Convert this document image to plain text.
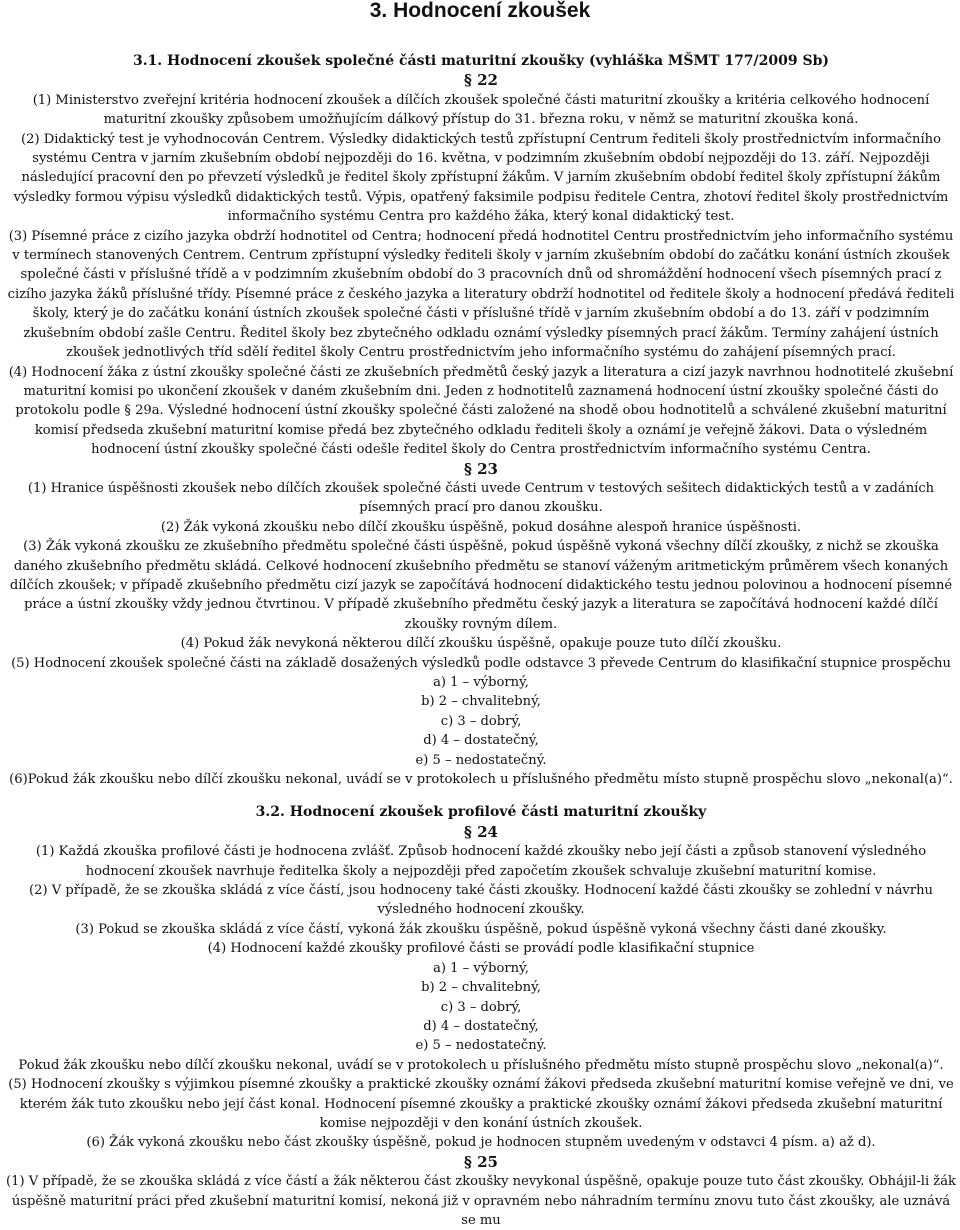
3. Hodnocení zkoušek
3.1. Hodnocení zkoušek společné části maturitní zkoušky (vyhláška MŠMT 177/2009 Sb)
§ 22

(1) Ministerstvo zveřejní kritéria hodnocení zkoušek a dílčích zkoušek společné části maturitní zkoušky a kritéria celkového hodnocení maturitní zkoušky způsobem umožňujícím dálkový přístup do 31. března roku, v němž se maturitní zkouška koná.

(2) Didaktický test je vyhodnocován Centrem. Výsledky didaktických testů zpřístupní Centrum řediteli školy prostřednictvím informačního systému Centra v jarním zkušebním období nejpozději do 16. května, v podzimním zkušebním období nejpozději do 13. září. Nejpozději následující pracovní den po převzetí výsledků je ředitel školy zpřístupní žákům. V jarním zkušebním období ředitel školy zpřístupní žákům výsledky formou výpisu výsledků didaktických testů. Výpis, opatřený faksimile podpisu ředitele Centra, zhotoví ředitel školy prostřednictvím informačního systému Centra pro každého žáka, který konal didaktický test.

(3) Písemné práce z cizího jazyka obdrží hodnotitel od Centra; hodnocení předá hodnotitel Centru prostřednictvím jeho informačního systému v termínech stanovených Centrem. Centrum zpřístupní výsledky řediteli školy v jarním zkušebním období do začátku konání ústních zkoušek společné části v příslušné třídě a v podzimním zkušebním období do 3 pracovních dnů od shromáždění hodnocení všech písemných prací z cizího jazyka žáků příslušné třídy. Písemné práce z českého jazyka a literatury obdrží hodnotitel od ředitele školy a hodnocení předává řediteli školy, který je do začátku konání ústních zkoušek společné části v příslušné třídě v jarním zkušebním období a do 13. září v podzimním zkušebním období zašle Centru. Ředitel školy bez zbytečného odkladu oznámí výsledky písemných prací žákům. Termíny zahájení ústních zkoušek jednotlivých tříd sdělí ředitel školy Centru prostřednictvím jeho informačního systému do zahájení písemných prací.

(4) Hodnocení žáka z ústní zkoušky společné části ze zkušebních předmětů český jazyk a literatura a cizí jazyk navrhnou hodnotitelé zkušební maturitní komisi po ukončení zkoušek v daném zkušebním dni. Jeden z hodnotitelů zaznamená hodnocení ústní zkoušky společné části do protokolu podle § 29a. Výsledné hodnocení ústní zkoušky společné části založené na shodě obou hodnotitelů a schválené zkušební maturitní komisí předseda zkušební maturitní komise předá bez zbytečného odkladu řediteli školy a oznámí je veřejně žákovi. Data o výsledném hodnocení ústní zkoušky společné části odešle ředitel školy do Centra prostřednictvím informačního systému Centra.

§ 23

(1) Hranice úspěšnosti zkoušek nebo dílčích zkoušek společné části uvede Centrum v testových sešitech didaktických testů a v zadáních písemných prací pro danou zkoušku.

(2) Žák vykoná zkoušku nebo dílčí zkoušku úspěšně, pokud dosáhne alespoň hranice úspěšnosti.

(3) Žák vykoná zkoušku ze zkušebního předmětu společné části úspěšně, pokud úspěšně vykoná všechny dílčí zkoušky, z nichž se zkouška daného zkušebního předmětu skládá. Celkové hodnocení zkušebního předmětu se stanoví váženým aritmetickým průměrem všech konaných dílčích zkoušek; v případě zkušebního předmětu cizí jazyk se započítává hodnocení didaktického testu jednou polovinou a hodnocení písemné práce a ústní zkoušky vždy jednou čtvrtinou. V případě zkušebního předmětu český jazyk a literatura se započítává hodnocení každé dílčí zkoušky rovným dílem.

(4) Pokud žák nevykoná některou dílčí zkoušku úspěšně, opakuje pouze tuto dílčí zkoušku.

(5) Hodnocení zkoušek společné části na základě dosažených výsledků podle odstavce 3 převede Centrum do klasifikační stupnice prospěchu

a) 1 – výborný,
b) 2 – chvalitebný,
c) 3 – dobrý,
d) 4 – dostatečný,
e) 5 – nedostatečný.

(6)Pokud žák zkoušku nebo dílčí zkoušku nekonal, uvádí se v protokolech u příslušného předmětu místo stupně prospěchu slovo „nekonal(a)“.

3.2. Hodnocení zkoušek profilové části maturitní zkoušky
§ 24

(1) Každá zkouška profilové části je hodnocena zvlášť. Způsob hodnocení každé zkoušky nebo její části a způsob stanovení výsledného hodnocení zkoušek navrhuje ředitelka školy a nejpozději před započetím zkoušek schvaluje zkušební maturitní komise.

(2) V případě, že se zkouška skládá z více částí, jsou hodnoceny také části zkoušky. Hodnocení každé části zkoušky se zohlední v návrhu výsledného hodnocení zkoušky.

(3) Pokud se zkouška skládá z více částí, vykoná žák zkoušku úspěšně, pokud úspěšně vykoná všechny části dané zkoušky.

(4) Hodnocení každé zkoušky profilové části se provádí podle klasifikační stupnice

a) 1 – výborný,
b) 2 – chvalitebný,
c) 3 – dobrý,
d) 4 – dostatečný,
e) 5 – nedostatečný.

Pokud žák zkoušku nebo dílčí zkoušku nekonal, uvádí se v protokolech u příslušného předmětu místo stupně prospěchu slovo „nekonal(a)“.

(5) Hodnocení zkoušky s výjimkou písemné zkoušky a praktické zkoušky oznámí žákovi předseda zkušební maturitní komise veřejně ve dni, ve kterém žák tuto zkoušku nebo její část konal. Hodnocení písemné zkoušky a praktické zkoušky oznámí žákovi předseda zkušební maturitní komise nejpozději v den konání ústních zkoušek.

(6) Žák vykoná zkoušku nebo část zkoušky úspěšně, pokud je hodnocen stupněm uvedeným v odstavci 4 písm. a) až d).

§ 25

(1) V případě, že se zkouška skládá z více částí a žák některou část zkoušky nevykonal úspěšně, opakuje pouze tuto část zkoušky. Obhájil-li žák úspěšně maturitní práci před zkušební maturitní komisí, nekoná již v opravném nebo náhradním termínu znovu tuto část zkoušky, ale uznává se mu
